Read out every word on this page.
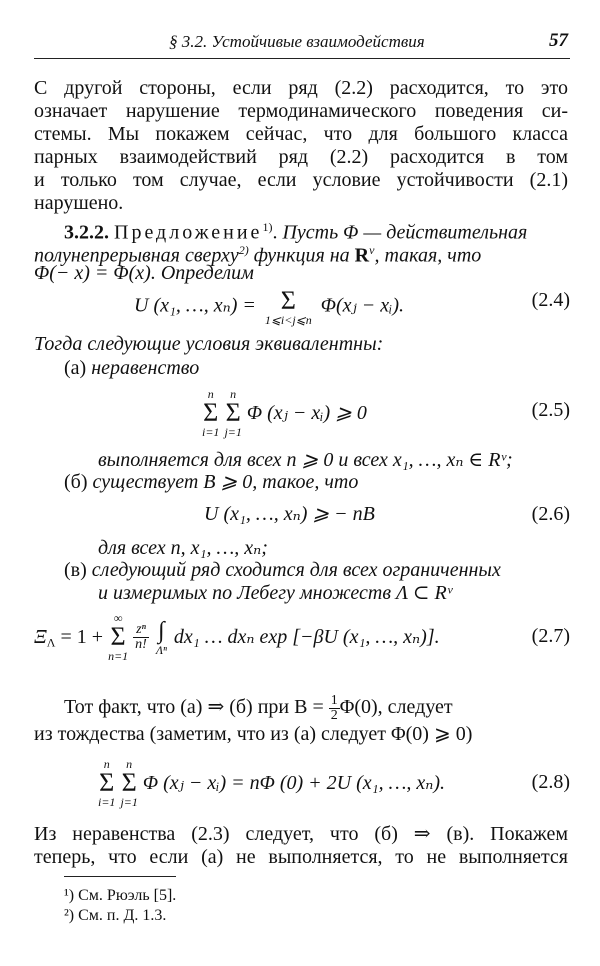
§ 3.2. Устойчивые взаимодействия	57
С другой стороны, если ряд (2.2) расходится, то это
означает нарушение термодинамического поведения си-
стемы. Мы покажем сейчас, что для большого класса
парных взаимодействий ряд (2.2) расходится в том
и только том случае, если условие устойчивости (2.1)
нарушено.
3.2.2. Предложение$^{1)}$. Пусть Φ — действительная
полунепрерывная сверху$^{2)}$ функция на $R^\nu$, такая, что
Φ(− x) = Φ(x). Определим
U (x₁, …, xₙ) = Σ
1⩽i<j⩽n
Φ(xⱼ − xᵢ).	(2.4)
Тогда следующие условия эквивалентны:
(а) неравенство
n
Σ
i=1

n
Σ
j=1
Φ (xⱼ − xᵢ) ⩾ 0	(2.5)
выполняется для всех n ⩾ 0 и всех x₁, …, xₙ ∈ Rᵛ;
(б) существует B ⩾ 0, такое, что
U (x₁, …, xₙ) ⩾ − nB	(2.6)
для всех n, x₁, …, xₙ;
(в) следующий ряд сходится для всех ограниченных
и измеримых по Лебегу множеств Λ ⊂ Rᵛ
$\Xi_\Lambda = 1$ +
∞
Σ
n=1

$\frac{\text{zⁿ}}{n!}$
∫
Λⁿ
dx₁ … dxₙ exp [−βU (x₁, …, xₙ)].	(2.7)
Тот факт, что (а) ⇒ (б) при $B = \frac{1}{2} \Phi(0)$, следует
из тождества (заметим, что из (а) следует Φ(0) ⩾ 0)
n
Σ
i=1

n
Σ
j=1
Φ (xⱼ − xᵢ) = nΦ (0) + 2U (x₁, …, xₙ).	(2.8)
Из неравенства (2.3) следует, что (б) ⇒ (в). Покажем
теперь, что если (а) не выполняется, то не выполняется
¹) См. Рюэль [5].
²) См. п. Д. 1.3.
